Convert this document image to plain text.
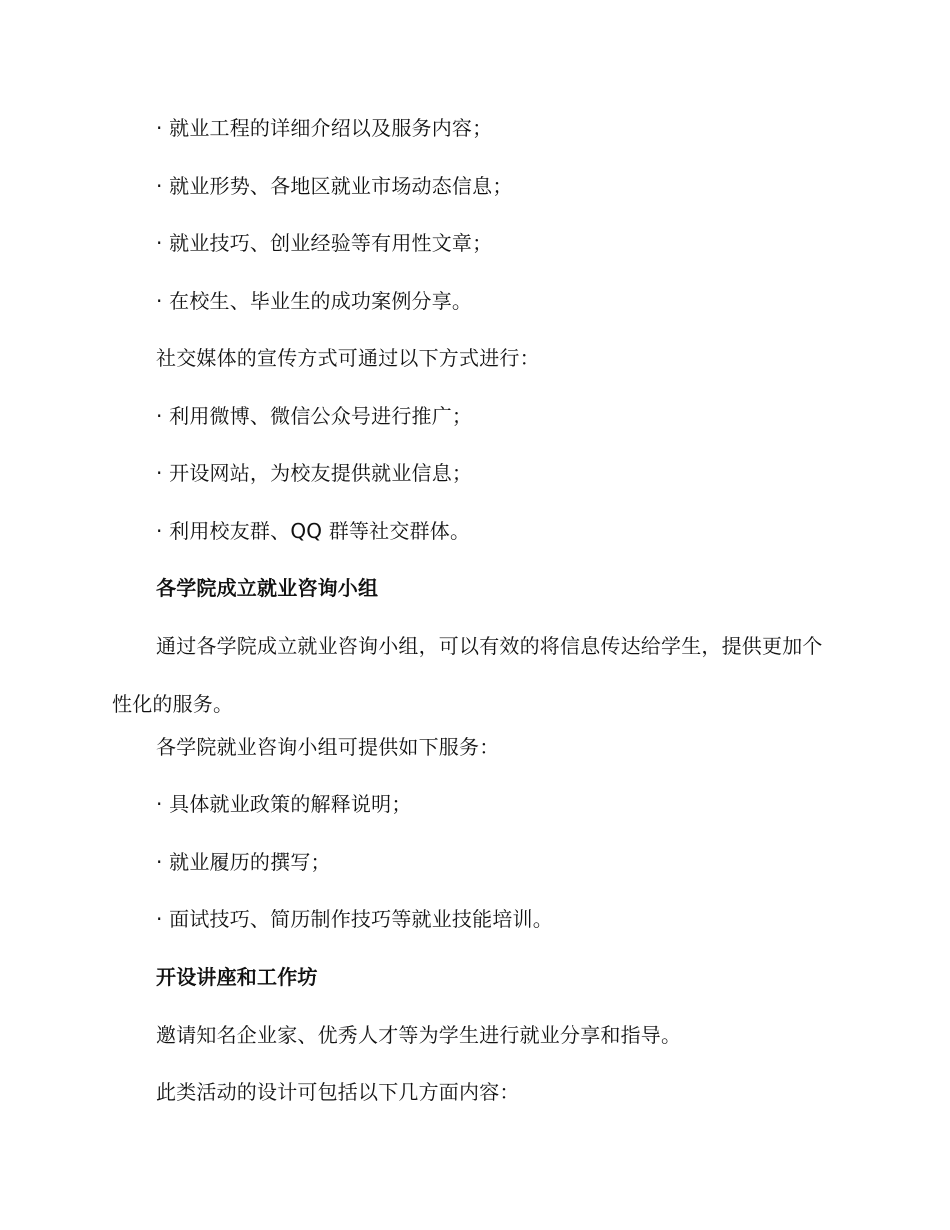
· 就业工程的详细介绍以及服务内容；
· 就业形势、各地区就业市场动态信息；
· 就业技巧、创业经验等有用性文章；
· 在校生、毕业生的成功案例分享。
社交媒体的宣传方式可通过以下方式进行：
· 利用微博、微信公众号进行推广；
· 开设网站，为校友提供就业信息；
· 利用校友群、QQ 群等社交群体。
各学院成立就业咨询小组
通过各学院成立就业咨询小组，可以有效的将信息传达给学生，提供更加个性化的服务。
各学院就业咨询小组可提供如下服务：
· 具体就业政策的解释说明；
· 就业履历的撰写；
· 面试技巧、简历制作技巧等就业技能培训。
开设讲座和工作坊
邀请知名企业家、优秀人才等为学生进行就业分享和指导。
此类活动的设计可包括以下几方面内容：
